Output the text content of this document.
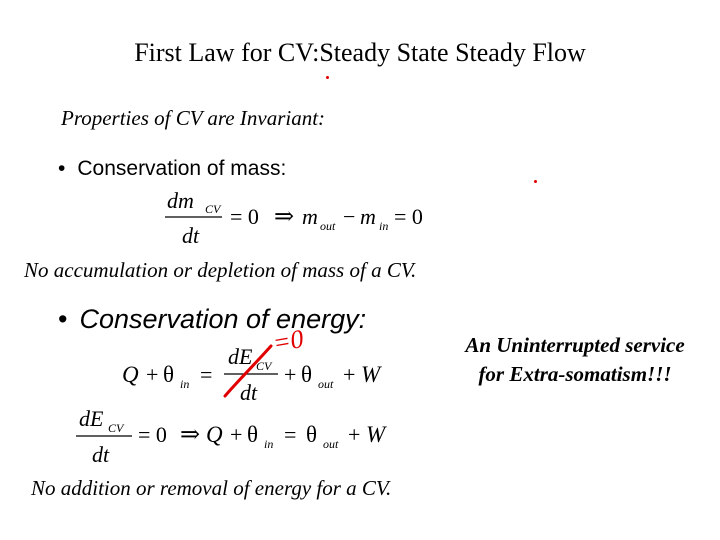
First Law for CV:Steady State Steady Flow
Properties of CV are Invariant:
• Conservation of mass:
dm CV
dt
= 0 ⇒ m out − m in = 0
No accumulation or depletion of mass of a CV.
• Conservation of energy:
Q + θ in =
dE CV
dt
+ θ out + W
=0	An Uninterrupted service
for Extra-somatism!!!
dE CV
dt
= 0 ⇒ Q + θ in = θ out + W
No addition or removal of energy for a CV.
